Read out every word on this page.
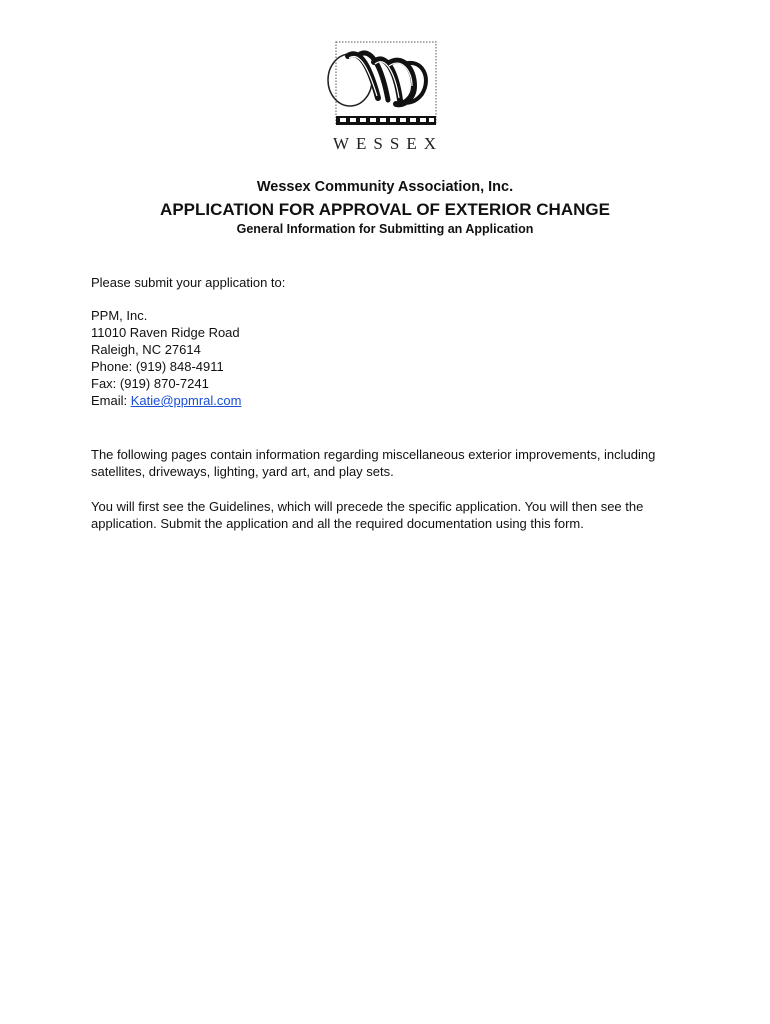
WESSEX
Wessex Community Association, Inc.
APPLICATION FOR APPROVAL OF EXTERIOR CHANGE
General Information for Submitting an Application
Please submit your application to:
PPM, Inc.
11010 Raven Ridge Road
Raleigh, NC 27614
Phone: (919) 848-4911
Fax: (919) 870-7241
Email: Katie@ppmral.com
The following pages contain information regarding miscellaneous exterior improvements, including satellites, driveways, lighting, yard art, and play sets.
You will first see the Guidelines, which will precede the specific application. You will then see the application. Submit the application and all the required documentation using this form.
